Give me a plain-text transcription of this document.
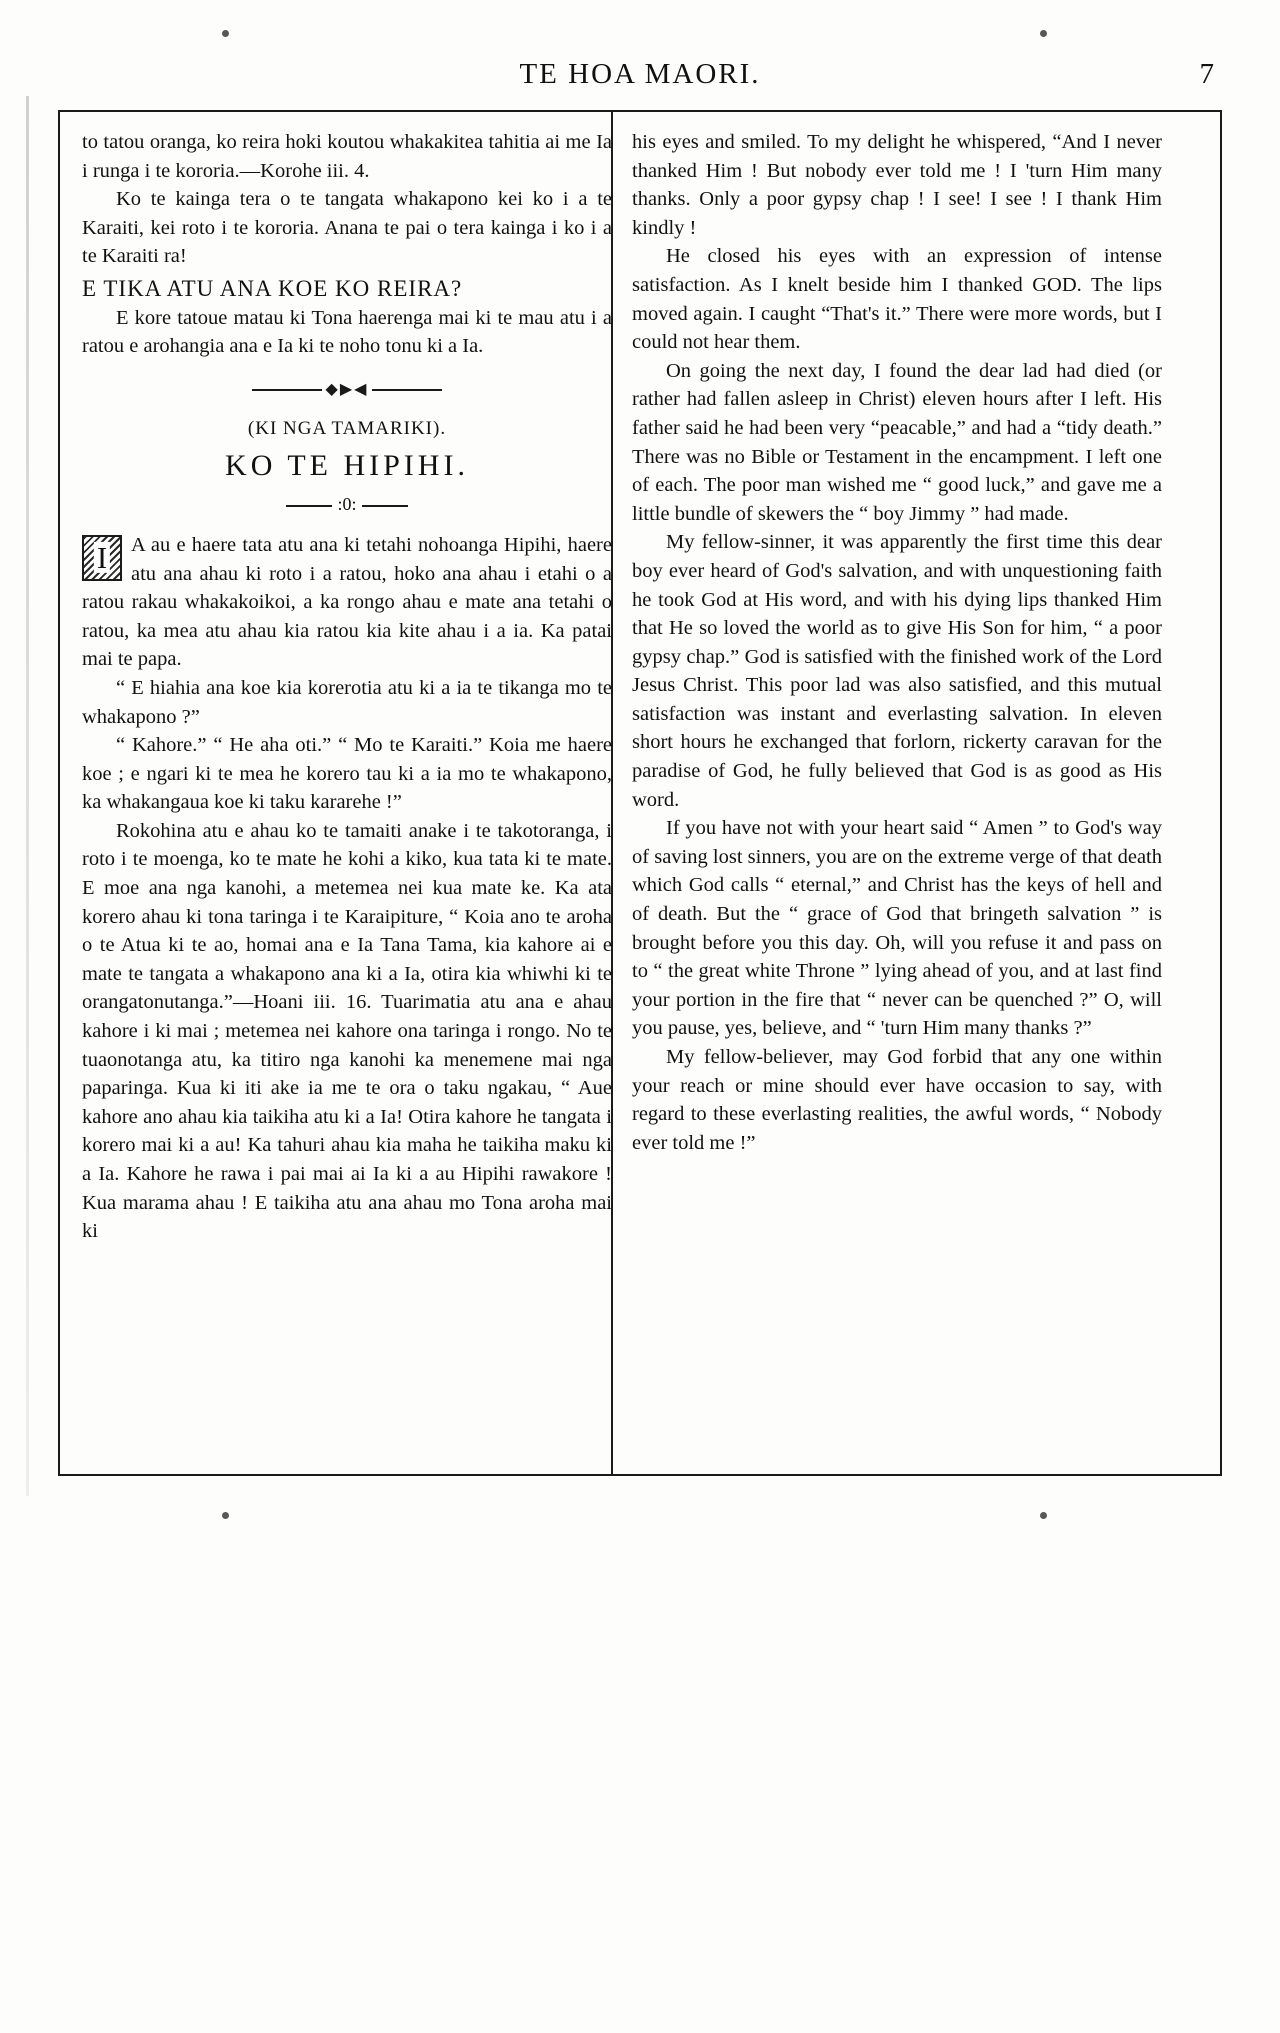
TE HOA MAORI.	7

to tatou oranga, ko reira hoki koutou whakakitea tahitia ai me Ia i runga i te kororia.—Korohe iii. 4.

Ko te kainga tera o te tangata whakapono kei ko i a te Karaiti, kei roto i te kororia. Anana te pai o tera kainga i ko i a te Karaiti ra!

E TIKA ATU ANA KOE KO REIRA?

E kore tatoue matau ki Tona haerenga mai ki te mau atu i a ratou e arohangia ana e Ia ki te noho tonu ki a Ia.

◆▶◀

(KI NGA TAMARIKI).

KO TE HIPIHI.

:0:

I
A au e haere tata atu ana ki tetahi nohoanga Hipihi, haere atu ana ahau ki roto i a ratou, hoko ana ahau i etahi o a ratou rakau whakakoikoi, a ka rongo ahau e mate ana tetahi o ratou, ka mea atu ahau kia ratou kia kite ahau i a ia. Ka patai mai te papa.

“ E hiahia ana koe kia korerotia atu ki a ia te tikanga mo te whakapono ?”

“ Kahore.” “ He aha oti.” “ Mo te Karaiti.” Koia me haere koe ; e ngari ki te mea he korero tau ki a ia mo te whakapono, ka whakangaua koe ki taku kararehe !”

Rokohina atu e ahau ko te tamaiti anake i te takotoranga, i roto i te moenga, ko te mate he kohi a kiko, kua tata ki te mate. E moe ana nga kanohi, a metemea nei kua mate ke. Ka ata korero ahau ki tona taringa i te Karaipiture, “ Koia ano te aroha o te Atua ki te ao, homai ana e Ia Tana Tama, kia kahore ai e mate te tangata a whakapono ana ki a Ia, otira kia whiwhi ki te orangatonutanga.”—Hoani iii. 16. Tuarimatia atu ana e ahau kahore i ki mai ; metemea nei kahore ona taringa i rongo. No te tuaonotanga atu, ka titiro nga kanohi ka menemene mai nga paparinga. Kua ki iti ake ia me te ora o taku ngakau, “ Aue kahore ano ahau kia taikiha atu ki a Ia! Otira kahore he tangata i korero mai ki a au! Ka tahuri ahau kia maha he taikiha maku ki a Ia. Kahore he rawa i pai mai ai Ia ki a au Hipihi rawakore ! Kua marama ahau ! E taikiha atu ana ahau mo Tona aroha mai ki

his eyes and smiled. To my delight he whispered, “And I never thanked Him ! But nobody ever told me ! I 'turn Him many thanks. Only a poor gypsy chap ! I see! I see ! I thank Him kindly !

He closed his eyes with an expression of intense satisfaction. As I knelt beside him I thanked GOD. The lips moved again. I caught “That's it.” There were more words, but I could not hear them.

On going the next day, I found the dear lad had died (or rather had fallen asleep in Christ) eleven hours after I left. His father said he had been very “peacable,” and had a “tidy death.” There was no Bible or Testament in the encampment. I left one of each. The poor man wished me “ good luck,” and gave me a little bundle of skewers the “ boy Jimmy ” had made.

My fellow-sinner, it was apparently the first time this dear boy ever heard of God's salvation, and with unquestioning faith he took God at His word, and with his dying lips thanked Him that He so loved the world as to give His Son for him, “ a poor gypsy chap.” God is satisfied with the finished work of the Lord Jesus Christ. This poor lad was also satisfied, and this mutual satisfaction was instant and everlasting salvation. In eleven short hours he exchanged that forlorn, rickerty caravan for the paradise of God, he fully believed that God is as good as His word.

If you have not with your heart said “ Amen ” to God's way of saving lost sinners, you are on the extreme verge of that death which God calls “ eternal,” and Christ has the keys of hell and of death. But the “ grace of God that bringeth salvation ” is brought before you this day. Oh, will you refuse it and pass on to “ the great white Throne ” lying ahead of you, and at last find your portion in the fire that “ never can be quenched ?” O, will you pause, yes, believe, and “ 'turn Him many thanks ?”

My fellow-believer, may God forbid that any one within your reach or mine should ever have occasion to say, with regard to these everlasting realities, the awful words, “ Nobody ever told me !”
